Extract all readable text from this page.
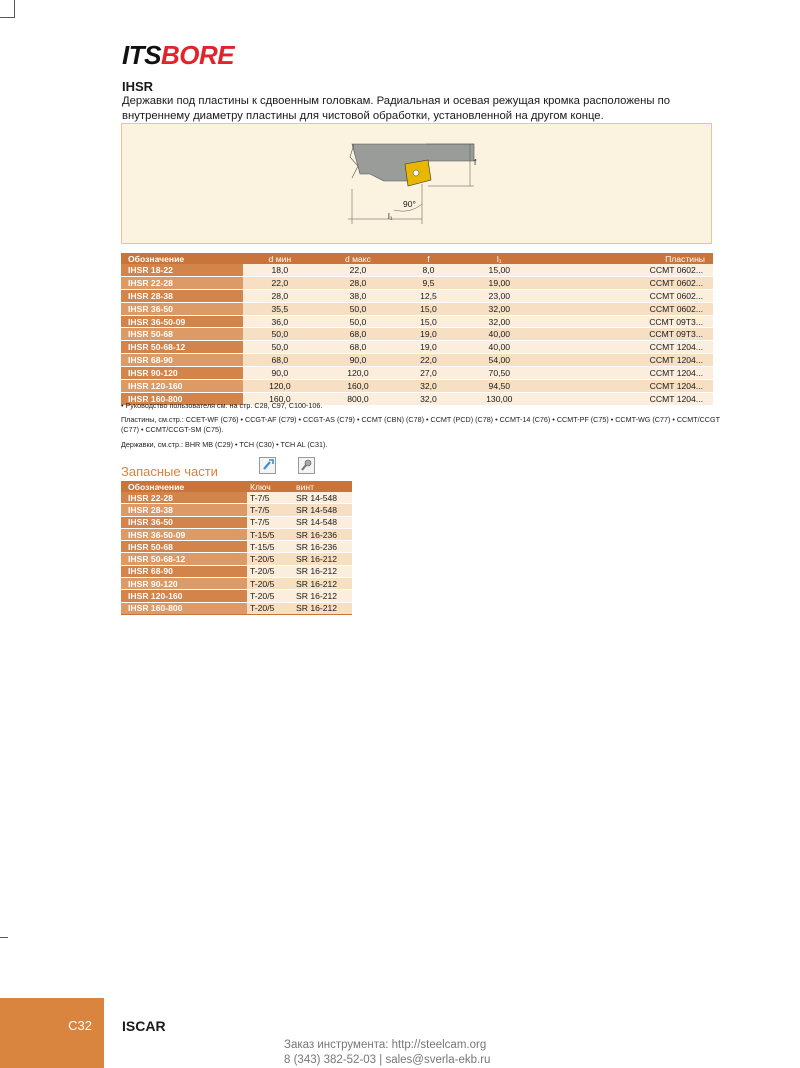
ITSBORE
IHSR
Державки под пластины к сдвоенным головкам. Радиальная и осевая режущая кромка расположены по внутреннему диаметру пластины для чистовой обработки, установленной на другом конце.
f
90°
l₁
Обозначение	d мин	d макс	f	l₁	Пластины
IHSR 18-22	18,0	22,0	8,0	15,00	CCMT 0602...
IHSR 22-28	22,0	28,0	9,5	19,00	CCMT 0602...
IHSR 28-38	28,0	38,0	12,5	23,00	CCMT 0602...
IHSR 36-50	35,5	50,0	15,0	32,00	CCMT 0602...
IHSR 36-50-09	36,0	50,0	15,0	32,00	CCMT 09T3...
IHSR 50-68	50,0	68,0	19,0	40,00	CCMT 09T3...
IHSR 50-68-12	50,0	68,0	19,0	40,00	CCMT 1204...
IHSR 68-90	68,0	90,0	22,0	54,00	CCMT 1204...
IHSR 90-120	90,0	120,0	27,0	70,50	CCMT 1204...
IHSR 120-160	120,0	160,0	32,0	94,50	CCMT 1204...
IHSR 160-800	160,0	800,0	32,0	130,00	CCMT 1204...
• Руководство пользователя см. на стр. C28, C97, C100-106.
Пластины, см.стр.: CCET-WF (C76) • CCGT-AF (C79) • CCGT-AS (C79) • CCMT (CBN) (C78) • CCMT (PCD) (C78) • CCMT-14 (C76) • CCMT-PF (C75) • CCMT-WG (C77) • CCMT/CCGT (C77) • CCMT/CCGT-SM (C75).
Державки, см.стр.: BHR MB (C29) • TCH (C30) • TCH AL (C31).
Запасные части
Обозначение	Ключ	винт
IHSR 22-28	T-7/5	SR 14-548
IHSR 28-38	T-7/5	SR 14-548
IHSR 36-50	T-7/5	SR 14-548
IHSR 36-50-09	T-15/5	SR 16-236
IHSR 50-68	T-15/5	SR 16-236
IHSR 50-68-12	T-20/5	SR 16-212
IHSR 68-90	T-20/5	SR 16-212
IHSR 90-120	T-20/5	SR 16-212
IHSR 120-160	T-20/5	SR 16-212
IHSR 160-800	T-20/5	SR 16-212
C32 ISCAR
Заказ инструмента: http://steelcam.org
8 (343) 382-52-03 | sales@sverla-ekb.ru
